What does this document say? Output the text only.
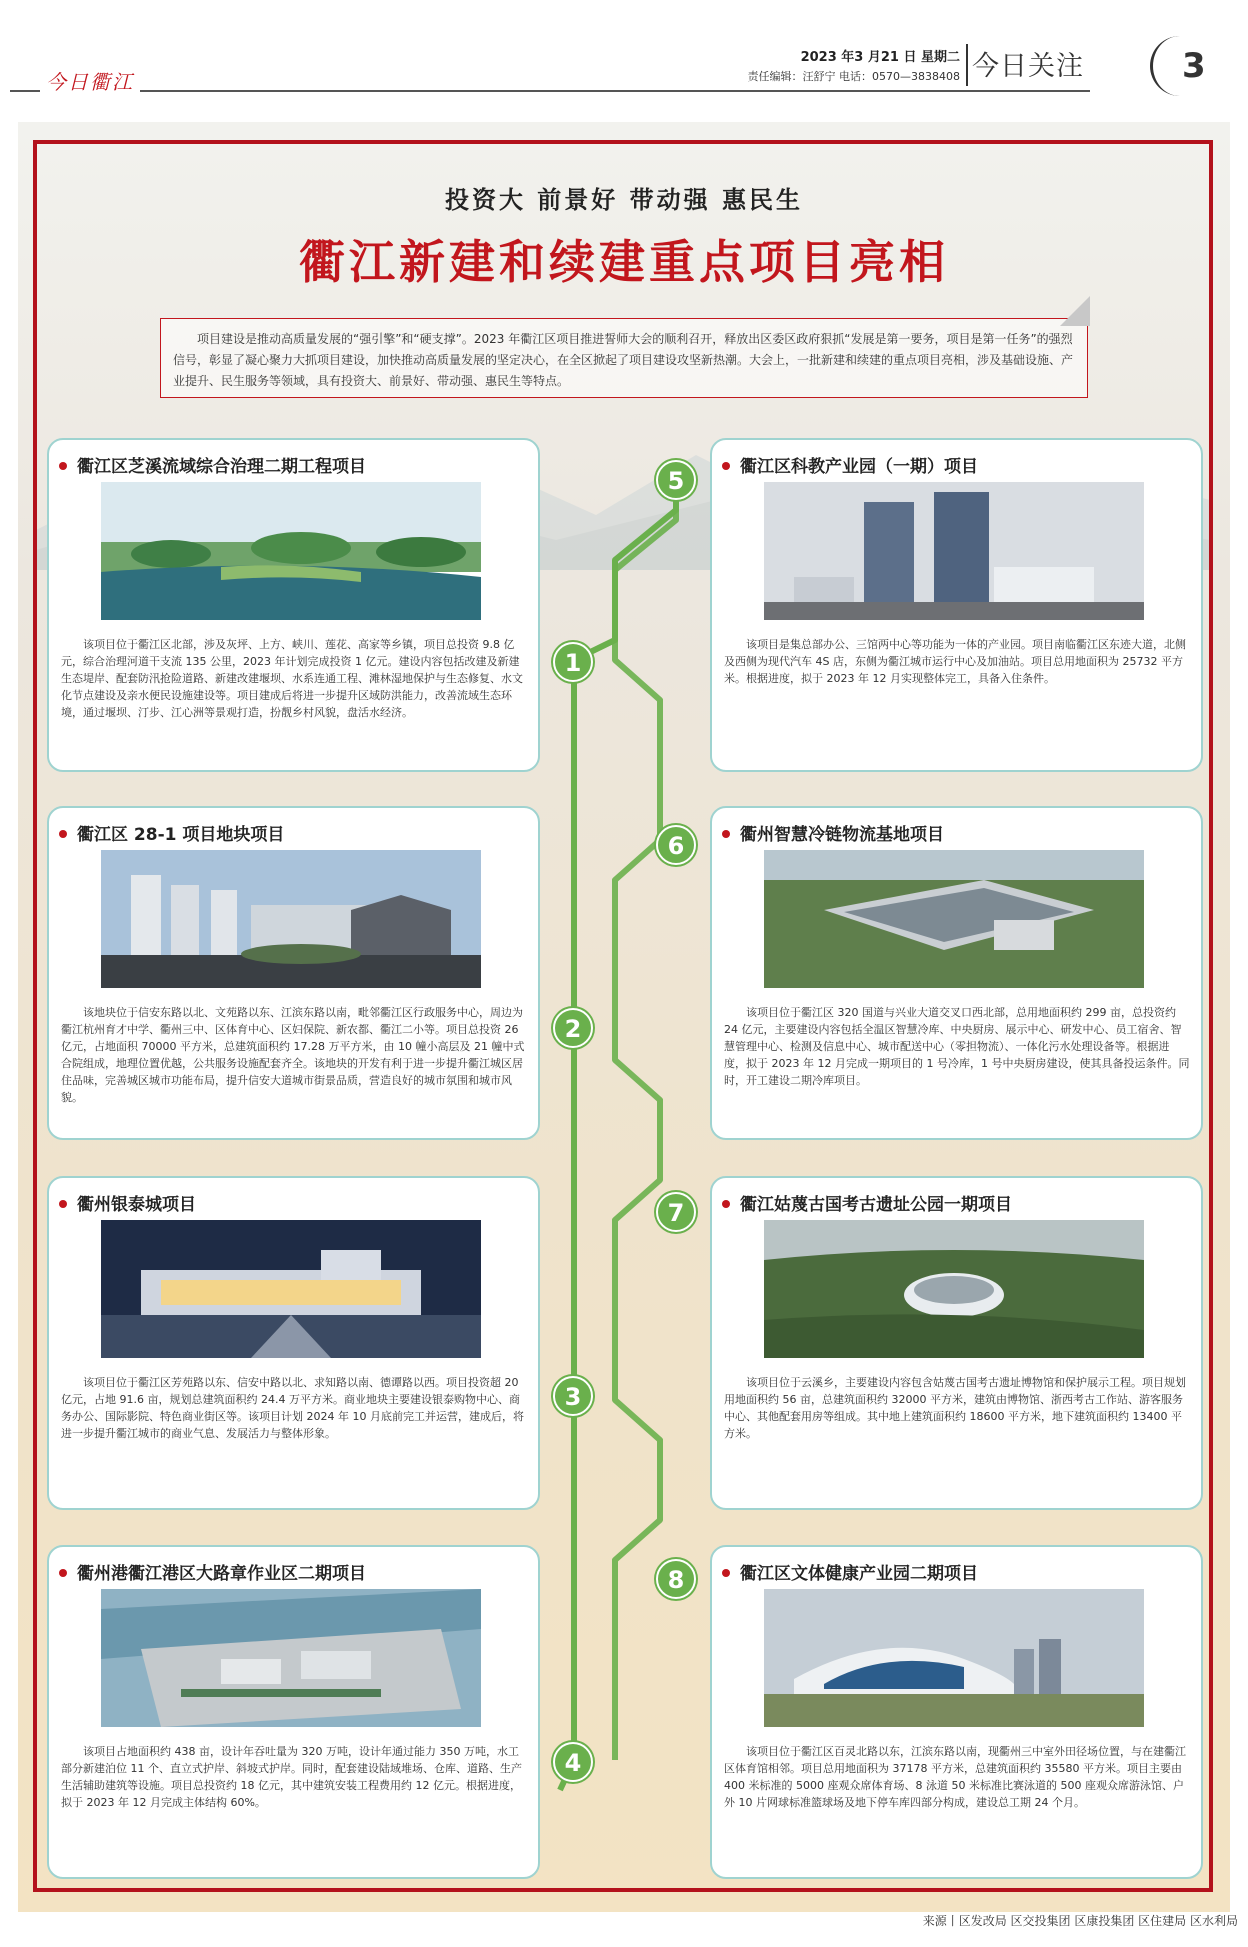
今日衢江
2023 年3 月21 日 星期二
责任编辑：汪舒宁 电话：0570—3838408 今日关注	3
投资大 前景好 带动强 惠民生
衢江新建和续建重点项目亮相
项目建设是推动高质量发展的“强引擎”和“硬支撑”。2023 年衢江区项目推进誓师大会的顺利召开，释放出区委区政府狠抓“发展是第一要务，项目是第一任务”的强烈信号，彰显了凝心聚力大抓项目建设，加快推动高质量发展的坚定决心，在全区掀起了项目建设攻坚新热潮。大会上，一批新建和续建的重点项目亮相，涉及基础设施、产业提升、民生服务等领域，具有投资大、前景好、带动强、惠民生等特点。
5
1
6
2
7
3
8
4
衢江区芝溪流域综合治理二期工程项目
该项目位于衢江区北部，涉及灰坪、上方、峡川、莲花、高家等乡镇，项目总投资 9.8 亿元，综合治理河道干支流 135 公里，2023 年计划完成投资 1 亿元。建设内容包括改建及新建生态堤岸、配套防汛抢险道路、新建改建堰坝、水系连通工程、滩林湿地保护与生态修复、水文化节点建设及亲水便民设施建设等。项目建成后将进一步提升区域防洪能力，改善流域生态环境，通过堰坝、汀步、江心洲等景观打造，扮靓乡村风貌，盘活水经济。
衢江区 28-1 项目地块项目
该地块位于信安东路以北、文苑路以东、江滨东路以南，毗邻衢江区行政服务中心，周边为衢江杭州育才中学、衢州三中、区体育中心、区妇保院、新农都、衢江二小等。项目总投资 26 亿元，占地面积 70000 平方米，总建筑面积约 17.28 万平方米，由 10 幢小高层及 21 幢中式合院组成，地理位置优越，公共服务设施配套齐全。该地块的开发有利于进一步提升衢江城区居住品味，完善城区城市功能布局，提升信安大道城市街景品质，营造良好的城市氛围和城市风貌。
衢州银泰城项目
该项目位于衢江区芳苑路以东、信安中路以北、求知路以南、德谭路以西。项目投资超 20 亿元，占地 91.6 亩，规划总建筑面积约 24.4 万平方米。商业地块主要建设银泰购物中心、商务办公、国际影院、特色商业街区等。该项目计划 2024 年 10 月底前完工并运营，建成后，将进一步提升衢江城市的商业气息、发展活力与整体形象。
衢州港衢江港区大路章作业区二期项目
该项目占地面积约 438 亩，设计年吞吐量为 320 万吨，设计年通过能力 350 万吨，水工部分新建泊位 11 个、直立式护岸、斜坡式护岸。同时，配套建设陆域堆场、仓库、道路、生产生活辅助建筑等设施。项目总投资约 18 亿元，其中建筑安装工程费用约 12 亿元。根据进度，拟于 2023 年 12 月完成主体结构 60%。
衢江区科教产业园（一期）项目
该项目是集总部办公、三馆两中心等功能为一体的产业园。项目南临衢江区东迹大道，北侧及西侧为现代汽车 4S 店，东侧为衢江城市运行中心及加油站。项目总用地面积为 25732 平方米。根据进度，拟于 2023 年 12 月实现整体完工，具备入住条件。
衢州智慧冷链物流基地项目
该项目位于衢江区 320 国道与兴业大道交叉口西北部，总用地面积约 299 亩，总投资约 24 亿元，主要建设内容包括全温区智慧冷库、中央厨房、展示中心、研发中心、员工宿舍、智慧管理中心、检测及信息中心、城市配送中心（零担物流）、一体化污水处理设备等。根据进度，拟于 2023 年 12 月完成一期项目的 1 号冷库，1 号中央厨房建设，使其具备投运条件。同时，开工建设二期冷库项目。
衢江姑蔑古国考古遗址公园一期项目
该项目位于云溪乡，主要建设内容包含姑蔑古国考古遗址博物馆和保护展示工程。项目规划用地面积约 56 亩，总建筑面积约 32000 平方米，建筑由博物馆、浙西考古工作站、游客服务中心、其他配套用房等组成。其中地上建筑面积约 18600 平方米，地下建筑面积约 13400 平方米。
衢江区文体健康产业园二期项目
该项目位于衢江区百灵北路以东，江滨东路以南，现衢州三中室外田径场位置，与在建衢江区体育馆相邻。项目总用地面积为 37178 平方米，总建筑面积约 35580 平方米。项目主要由 400 米标准的 5000 座观众席体育场、8 泳道 50 米标准比赛泳道的 500 座观众席游泳馆、户外 10 片网球标准篮球场及地下停车库四部分构成，建设总工期 24 个月。
来源丨区发改局 区交投集团 区康投集团 区住建局 区水利局
